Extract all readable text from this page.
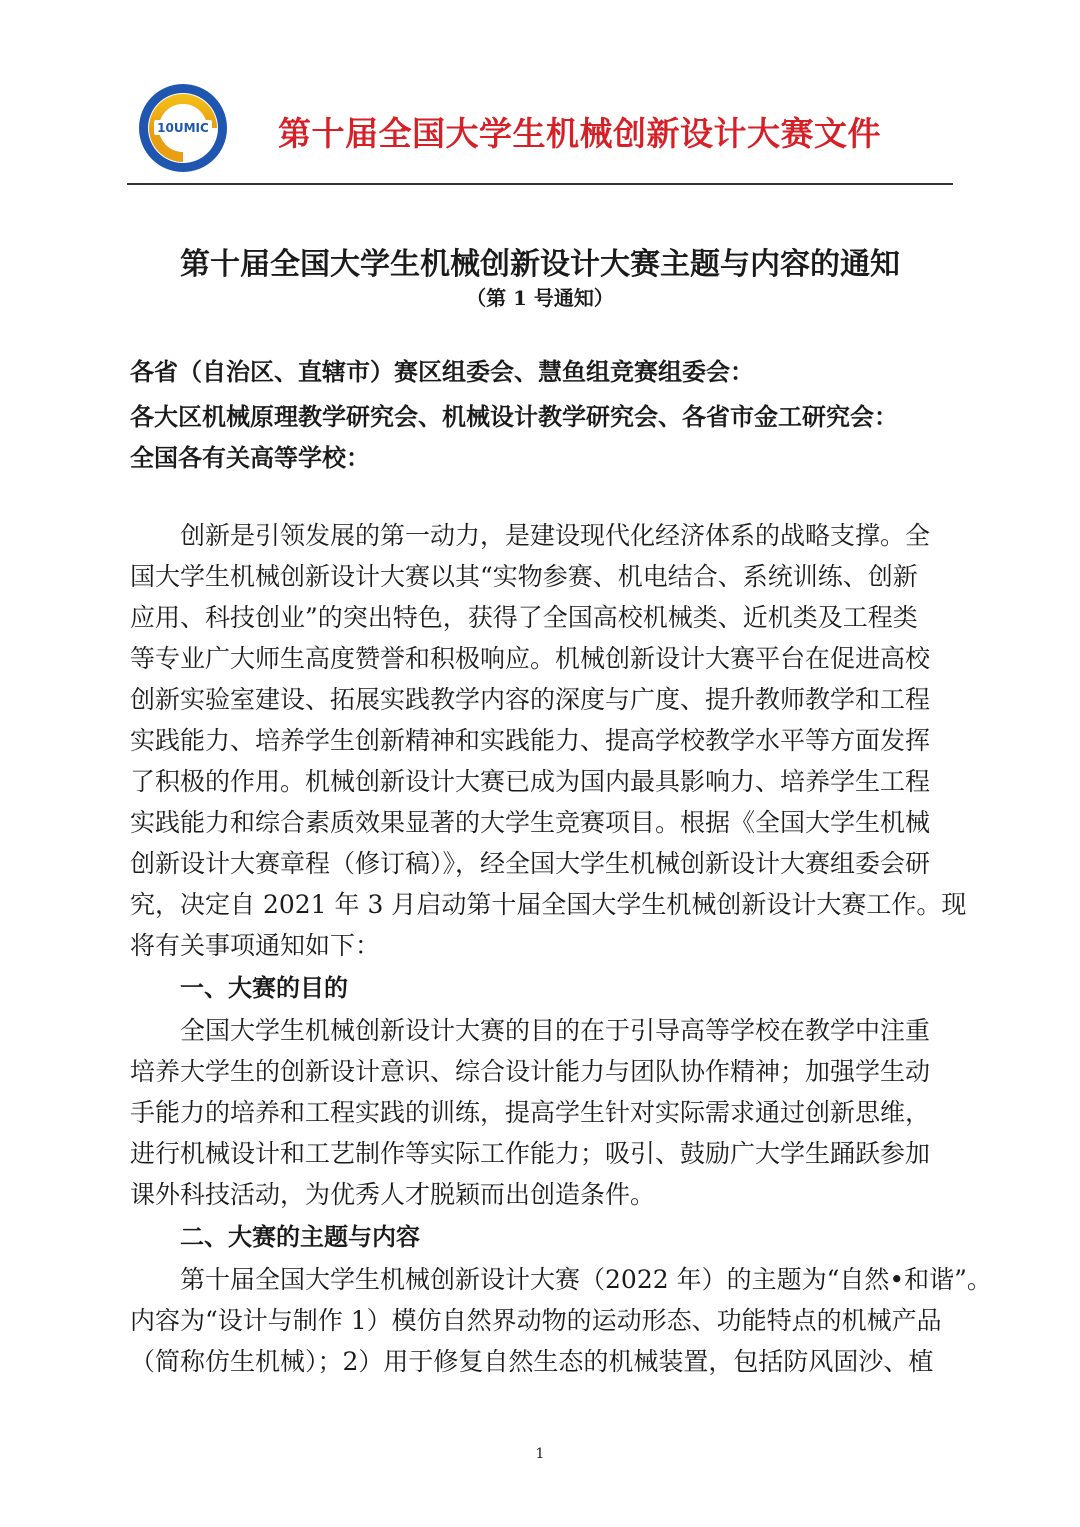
10UMIC 第十届全国大学生机械创新设计大赛文件
第十届全国大学生机械创新设计大赛主题与内容的通知
（第 1 号通知）
各省（自治区、直辖市）赛区组委会、慧鱼组竞赛组委会：
各大区机械原理教学研究会、机械设计教学研究会、各省市金工研究会：
全国各有关高等学校：
创新是引领发展的第一动力，是建设现代化经济体系的战略支撑。全
国大学生机械创新设计大赛以其“实物参赛、机电结合、系统训练、创新
应用、科技创业”的突出特色，获得了全国高校机械类、近机类及工程类
等专业广大师生高度赞誉和积极响应。机械创新设计大赛平台在促进高校
创新实验室建设、拓展实践教学内容的深度与广度、提升教师教学和工程
实践能力、培养学生创新精神和实践能力、提高学校教学水平等方面发挥
了积极的作用。机械创新设计大赛已成为国内最具影响力、培养学生工程
实践能力和综合素质效果显著的大学生竞赛项目。根据《全国大学生机械
创新设计大赛章程（修订稿）》，经全国大学生机械创新设计大赛组委会研
究，决定自 2021 年 3 月启动第十届全国大学生机械创新设计大赛工作。现
将有关事项通知如下：
一、大赛的目的
全国大学生机械创新设计大赛的目的在于引导高等学校在教学中注重
培养大学生的创新设计意识、综合设计能力与团队协作精神；加强学生动
手能力的培养和工程实践的训练，提高学生针对实际需求通过创新思维，
进行机械设计和工艺制作等实际工作能力；吸引、鼓励广大学生踊跃参加
课外科技活动，为优秀人才脱颖而出创造条件。
二、大赛的主题与内容
第十届全国大学生机械创新设计大赛（2022 年）的主题为“自然•和谐”。
内容为“设计与制作 1）模仿自然界动物的运动形态、功能特点的机械产品
（简称仿生机械）；2）用于修复自然生态的机械装置，包括防风固沙、植
1
